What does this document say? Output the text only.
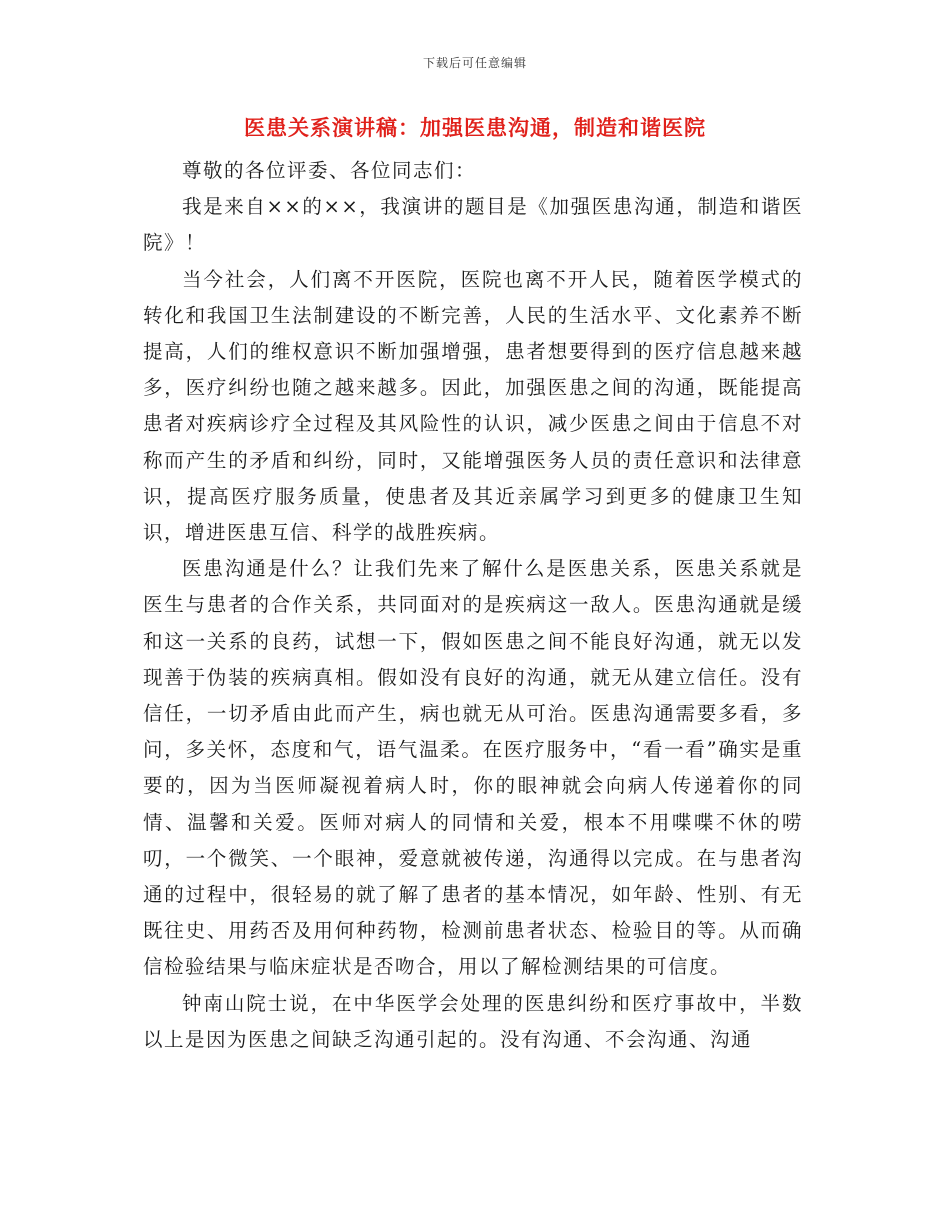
下载后可任意编辑
医患关系演讲稿：加强医患沟通，制造和谐医院

尊敬的各位评委、各位同志们：

我是来自××的××，我演讲的题目是《加强医患沟通，制造和谐医院》！

当今社会，人们离不开医院，医院也离不开人民，随着医学模式的转化和我国卫生法制建设的不断完善，人民的生活水平、文化素养不断提高，人们的维权意识不断加强增强，患者想要得到的医疗信息越来越多，医疗纠纷也随之越来越多。因此，加强医患之间的沟通，既能提高患者对疾病诊疗全过程及其风险性的认识，减少医患之间由于信息不对称而产生的矛盾和纠纷，同时，又能增强医务人员的责任意识和法律意识，提高医疗服务质量，使患者及其近亲属学习到更多的健康卫生知识，增进医患互信、科学的战胜疾病。

医患沟通是什么？让我们先来了解什么是医患关系，医患关系就是医生与患者的合作关系，共同面对的是疾病这一敌人。医患沟通就是缓和这一关系的良药，试想一下，假如医患之间不能良好沟通，就无以发现善于伪装的疾病真相。假如没有良好的沟通，就无从建立信任。没有信任，一切矛盾由此而产生，病也就无从可治。医患沟通需要多看，多问，多关怀，态度和气，语气温柔。在医疗服务中，“看一看”确实是重要的，因为当医师凝视着病人时，你的眼神就会向病人传递着你的同情、温馨和关爱。医师对病人的同情和关爱，根本不用喋喋不休的唠叨，一个微笑、一个眼神，爱意就被传递，沟通得以完成。在与患者沟通的过程中，很轻易的就了解了患者的基本情况，如年龄、性别、有无既往史、用药否及用何种药物，检测前患者状态、检验目的等。从而确信检验结果与临床症状是否吻合，用以了解检测结果的可信度。

钟南山院士说，在中华医学会处理的医患纠纷和医疗事故中，半数以上是因为医患之间缺乏沟通引起的。没有沟通、不会沟通、沟通
